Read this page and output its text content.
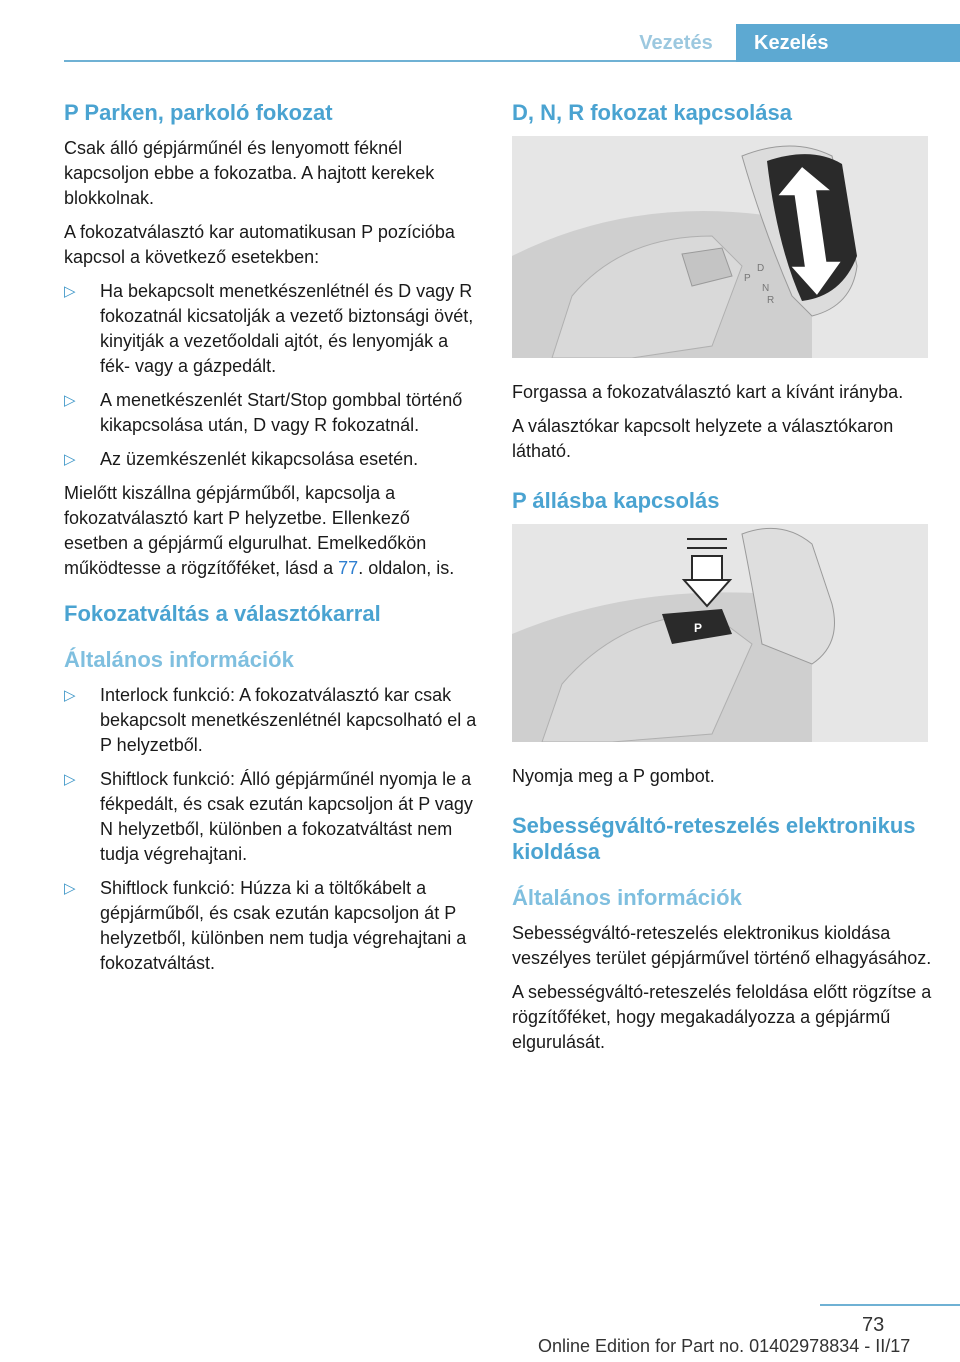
Vezetés	Kezelés
P Parken, parkoló fokozat

Csak álló gépjárműnél és lenyomott féknél kapcsoljon ebbe a fokozatba. A hajtott kerekek blokkolnak.

A fokozatválasztó kar automatikusan P pozícióba kapcsol a következő esetekben:

▷ Ha bekapcsolt menetkészenlétnél és D vagy R fokozatnál kicsatolják a vezető biztonsági övét, kinyitják a vezetőoldali ajtót, és lenyomják a fék- vagy a gázpedált.
▷ A menetkészenlét Start/Stop gombbal történő kikapcsolása után, D vagy R fokozatnál.
▷ Az üzemkészenlét kikapcsolása esetén.

Mielőtt kiszállna gépjárműből, kapcsolja a fokozatválasztó kart P helyzetbe. Ellenkező esetben a gépjármű elgurulhat. Emelkedőkön működtesse a rögzítőféket, lásd a 77. oldalon, is.

Fokozatváltás a választókarral
Általános információk
▷ Interlock funkció: A fokozatválasztó kar csak bekapcsolt menetkészenlétnél kapcsolható el a P helyzetből.
▷ Shiftlock funkció: Álló gépjárműnél nyomja le a fékpedált, és csak ezután kapcsoljon át P vagy N helyzetből, különben a fokozatváltást nem tudja végrehajtani.
▷ Shiftlock funkció: Húzza ki a töltőkábelt a gépjárműből, és csak ezután kapcsoljon át P helyzetből, különben nem tudja végrehajtani a fokozatváltást.
D, N, R fokozat kapcsolása
D
P
N
R

Forgassa a fokozatválasztó kart a kívánt irányba.

A választókar kapcsolt helyzete a választókaron látható.

P állásba kapcsolás
P

Nyomja meg a P gombot.

Sebességváltó-reteszelés elektronikus kioldása
Általános információk

Sebességváltó-reteszelés elektronikus kioldása veszélyes terület gépjárművel történő elhagyásához.

A sebességváltó-reteszelés feloldása előtt rögzítse a rögzítőféket, hogy megakadályozza a gépjármű elgurulását.

73
Online Edition for Part no. 01402978834 - II/17
